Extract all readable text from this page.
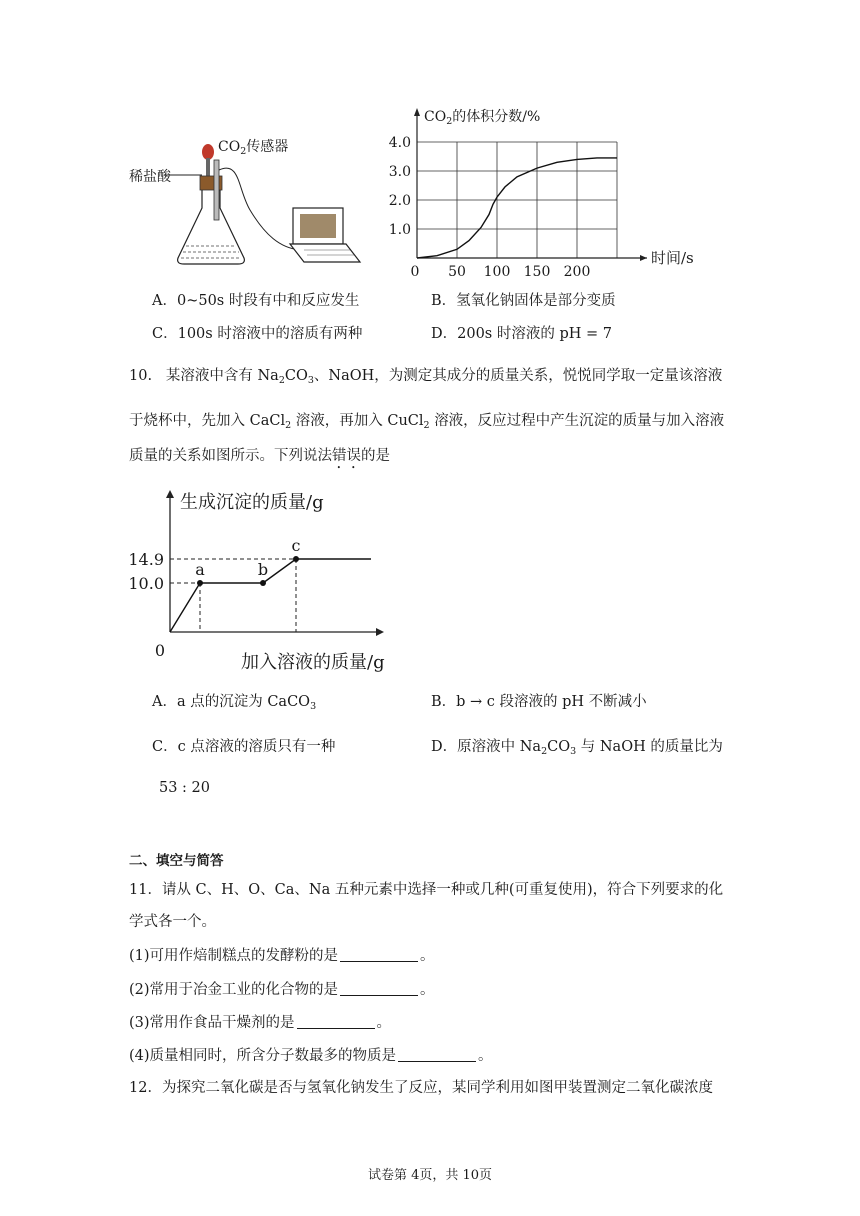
稀盐酸
$CO_2$传感器
1.0
2.0
3.0
4.0
0 50 100 150 200
时间/s
$CO_2$的体积分数/%
A．0~50s 时段有中和反应发生	B．氢氧化钠固体是部分变质
C．100s 时溶液中的溶质有两种	D．200s 时溶液的 pH = 7
10. 某溶液中含有 $Na_2CO_3$、NaOH，为测定其成分的质量关系，悦悦同学取一定量该溶液
于烧杯中，先加入 CaCl$_2$ 溶液，再加入 CuCl$_2$ 溶液，反应过程中产生沉淀的质量与加入溶液
质量的关系如图所示。下列说法错误的是
0
10.0
14.9
a	b
c
生成沉淀的质量/g
加入溶液的质量/g
A．a 点的沉淀为 CaCO$_3$	B．b → c 段溶液的 pH 不断减小
C．c 点溶液的溶质只有一种	D．原溶液中 $Na_2CO_3$ 与 NaOH 的质量比为
53 : 20
二、填空与简答
11．请从 C、H、O、Ca、Na 五种元素中选择一种或几种(可重复使用)，符合下列要求的化
学式各一个。
(1)可用作焙制糕点的发酵粉的是	。
(2)常用于冶金工业的化合物的是	。
(3)常用作食品干燥剂的是	。
(4)质量相同时，所含分子数最多的物质是	。
12．为探究二氧化碳是否与氢氧化钠发生了反应，某同学利用如图甲装置测定二氧化碳浓度
试卷第 4页，共 10页
